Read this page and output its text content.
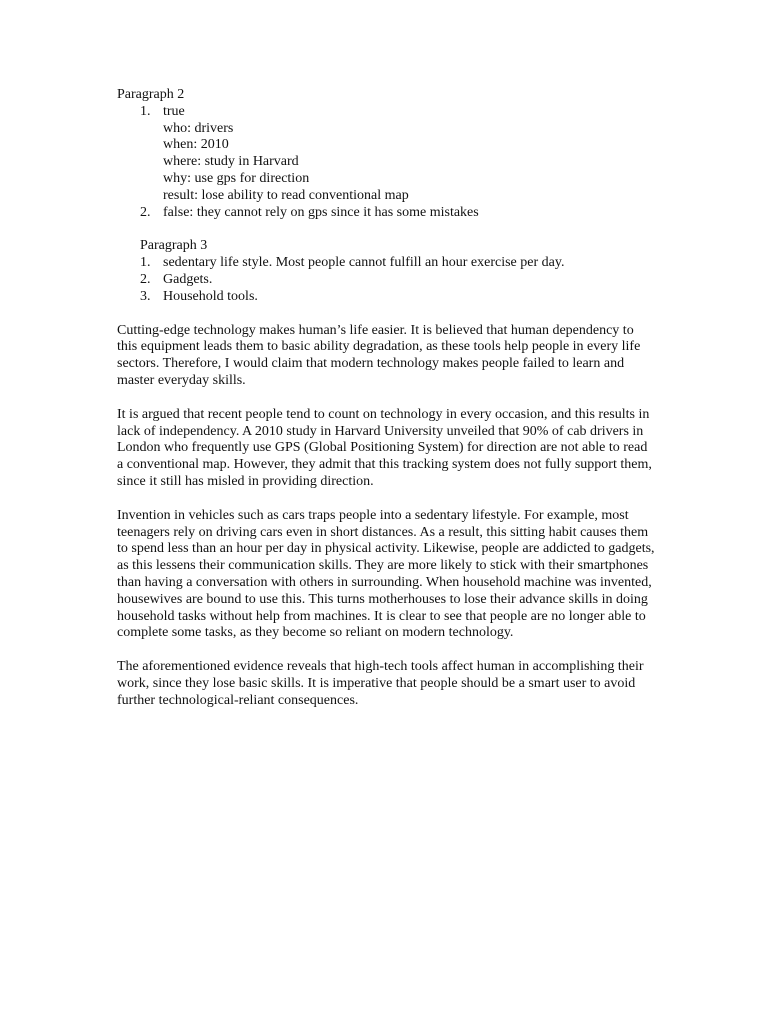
Paragraph 2
1. true
who: drivers
when: 2010
where: study in Harvard
why: use gps for direction
result: lose ability to read conventional map
2. false: they cannot rely on gps since it has some mistakes
Paragraph 3
1. sedentary life style. Most people cannot fulfill an hour exercise per day.
2. Gadgets.
3. Household tools.

Cutting-edge technology makes human’s life easier. It is believed that human dependency to this equipment leads them to basic ability degradation, as these tools help people in every life sectors. Therefore, I would claim that modern technology makes people failed to learn and master everyday skills.

It is argued that recent people tend to count on technology in every occasion, and this results in lack of independency. A 2010 study in Harvard University unveiled that 90% of cab drivers in London who frequently use GPS (Global Positioning System) for direction are not able to read a conventional map. However, they admit that this tracking system does not fully support them, since it still has misled in providing direction.

Invention in vehicles such as cars traps people into a sedentary lifestyle. For example, most teenagers rely on driving cars even in short distances. As a result, this sitting habit causes them to spend less than an hour per day in physical activity. Likewise, people are addicted to gadgets, as this lessens their communication skills. They are more likely to stick with their smartphones than having a conversation with others in surrounding. When household machine was invented, housewives are bound to use this. This turns motherhouses to lose their advance skills in doing household tasks without help from machines. It is clear to see that people are no longer able to complete some tasks, as they become so reliant on modern technology.

The aforementioned evidence reveals that high-tech tools affect human in accomplishing their work, since they lose basic skills. It is imperative that people should be a smart user to avoid further technological-reliant consequences.
